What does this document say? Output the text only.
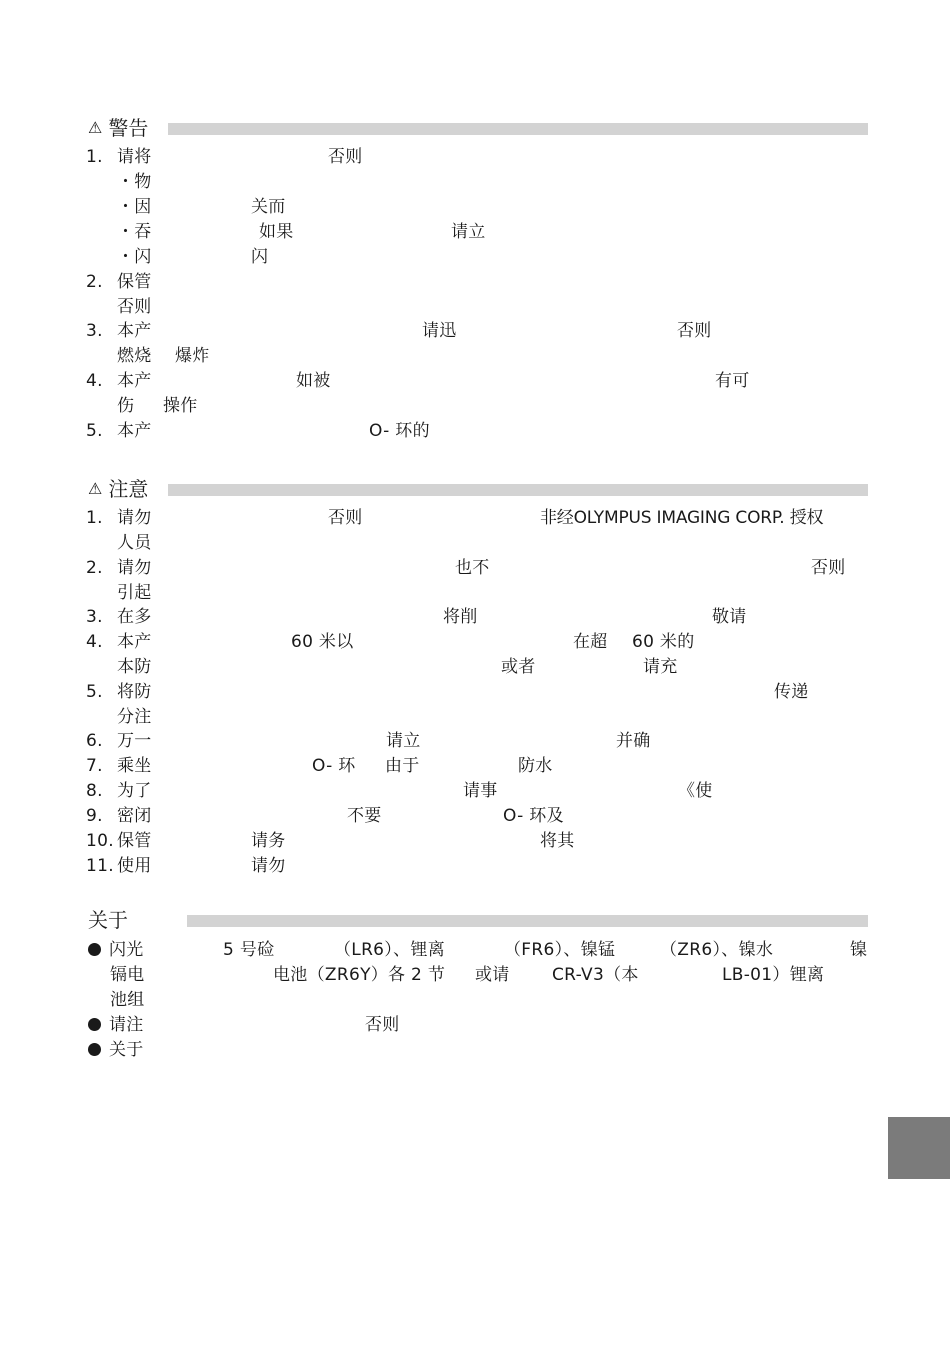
⚠ 警告
1. 请将	否则
・物
・因	关而
・吞	如果	请立
・闪	闪
2. 保管
否则
3. 本产	请迅	否则
燃烧 爆炸
4. 本产	如被	有可
伤 操作
5. 本产	O- 环的
⚠ 注意
1. 请勿	否则	非经OLYMPUS IMAGING CORP. 授权
人员
2. 请勿	也不	否则
引起
3. 在多	将削	敬请
4. 本产	60 米以	在超 60 米的
本防	或者	请充
5. 将防	传递
分注
6. 万一	请立	并确
7. 乘坐	O- 环 由于	防水
8. 为了	请事	《使
9. 密闭	不要	O- 环及
10. 保管	请务	将其
11. 使用	请勿
关于
闪光	5 号硷	（LR6）、锂离	（FR6）、镍锰	（ZR6）、镍水	镍
镉电	电池（ZR6Y）各 2 节 或请 CR-V3（本	LB-01）锂离
池组
请注	否则
关于
